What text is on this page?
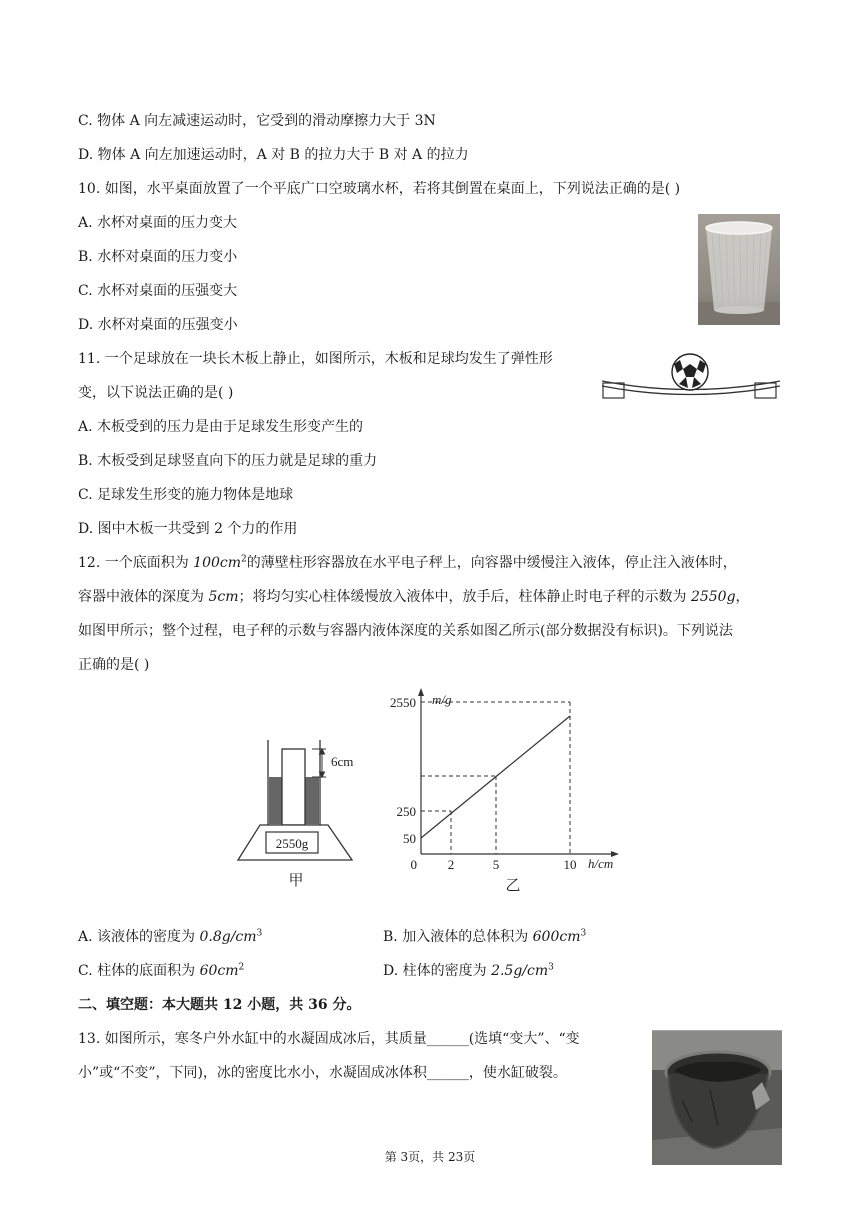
C. 物体 A 向左减速运动时，它受到的滑动摩擦力大于 3N
D. 物体 A 向左加速运动时，A 对 B 的拉力大于 B 对 A 的拉力
10. 如图，水平桌面放置了一个平底广口空玻璃水杯，若将其倒置在桌面上，下列说法正确的是( )
A. 水杯对桌面的压力变大
B. 水杯对桌面的压力变小
C. 水杯对桌面的压强变大
D. 水杯对桌面的压强变小
11. 一个足球放在一块长木板上静止，如图所示，木板和足球均发生了弹性形
变，以下说法正确的是( )
A. 木板受到的压力是由于足球发生形变产生的
B. 木板受到足球竖直向下的压力就是足球的重力
C. 足球发生形变的施力物体是地球
D. 图中木板一共受到 2 个力的作用
12. 一个底面积为 $100cm^2$的薄壁柱形容器放在水平电子秤上，向容器中缓慢注入液体，停止注入液体时，
容器中液体的深度为 5cm；将均匀实心柱体缓慢放入液体中，放手后，柱体静止时电子秤的示数为 2550g，
如图甲所示；整个过程，电子秤的示数与容器内液体深度的关系如图乙所示(部分数据没有标识)。下列说法
正确的是( )
6cm
2550g
甲
2550
250
50
2	5	10
0
m/g
h/cm
乙
A. 该液体的密度为 $0.8g/cm^3$	B. 加入液体的总体积为 $600cm^3$
C. 柱体的底面积为 $60cm^2$	D. 柱体的密度为 $2.5g/cm^3$
二、填空题：本大题共 12 小题，共 36 分。
13. 如图所示，寒冬户外水缸中的水凝固成冰后，其质量______(选填“变大”、“变
小”或“不变”，下同)，冰的密度比水小，水凝固成冰体积______，使水缸破裂。
第 3页，共 23页
